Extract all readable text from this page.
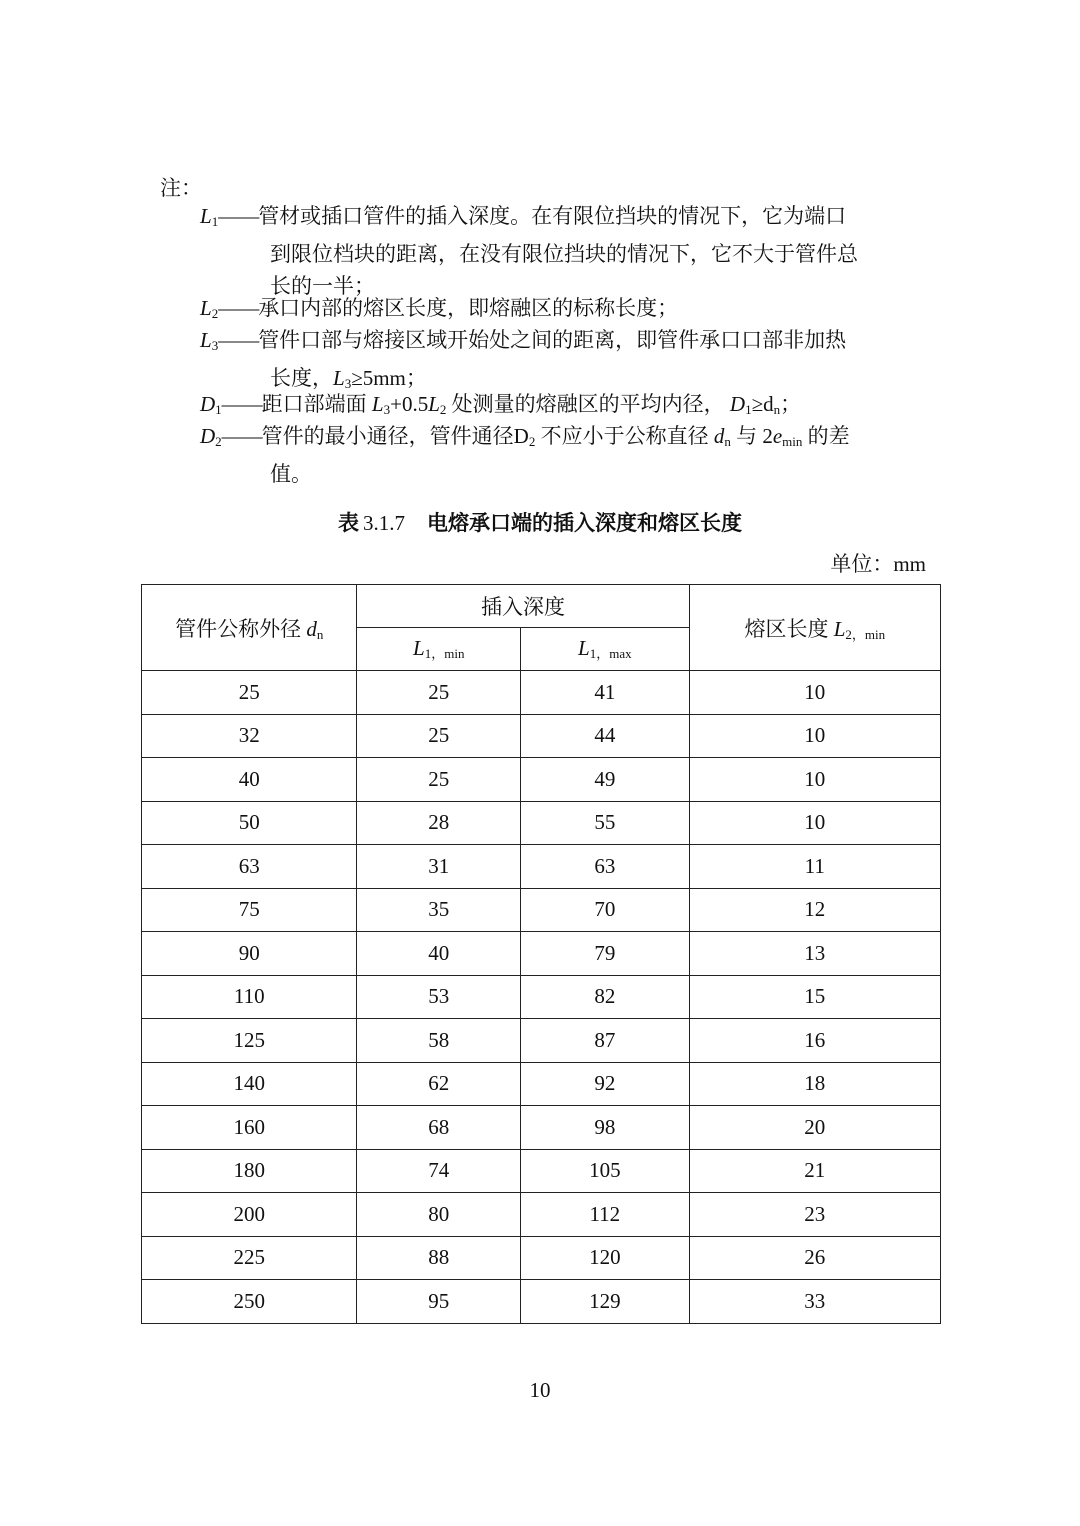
注：
$L_1——$管材或插口管件的插入深度。在有限位挡块的情况下，它为端口
到限位档块的距离，在没有限位挡块的情况下，它不大于管件总
长的一半；
$L_2——$承口内部的熔区长度，即熔融区的标称长度；
$L_3——$管件口部与熔接区域开始处之间的距离，即管件承口口部非加热
长度，L3≥5mm；
$D_1——$距口部端面 L3+0.5L2 处测量的熔融区的平均内径， D1≥dn；
$D_2——$管件的最小通径，管件通径D2 不应小于公称直径 dn 与 2emin 的差
值。
表 3.1.7 电熔承口端的插入深度和熔区长度
单位：mm
管件公称外径 dn	插入深度		熔区长度 L2，min
	L1，min	L1，max	
25	25	41	10
32	25	44	10
40	25	49	10
50	28	55	10
63	31	63	11
75	35	70	12
90	40	79	13
110	53	82	15
125	58	87	16
140	62	92	18
160	68	98	20
180	74	105	21
200	80	112	23
225	88	120	26
250	95	129	33
10
